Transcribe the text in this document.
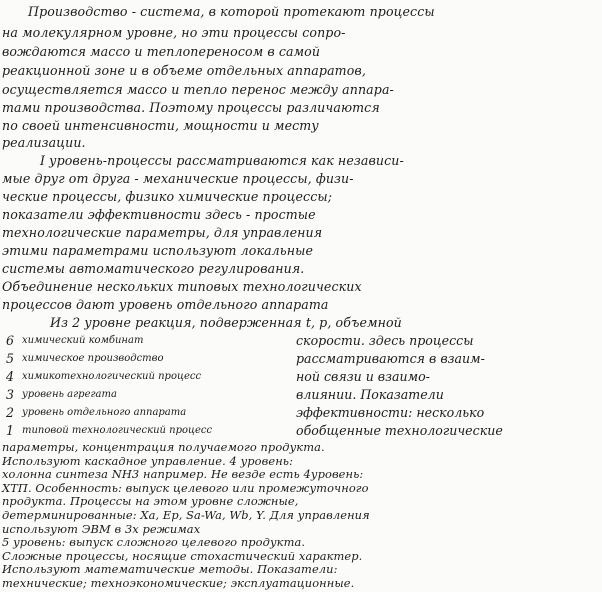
Производство - система, в которой протекают процессы
на молекулярном уровне, но эти процессы сопро-
вождаются массо и теплопереносом в самой
реакционной зоне и в объеме отдельных аппаратов,
осуществляется массо и тепло перенос между аппара-
тами производства. Поэтому процессы различаются
по своей интенсивности, мощности и месту
реализации.
I уровень-процессы рассматриваются как независи-
мые друг от друга - механические процессы, физи-
ческие процессы, физико химические процессы;
показатели эффективности здесь - простые
технологические параметры, для управления
этими параметрами используют локальные
системы автоматического регулирования.
Объединение нескольких типовых технологических
процессов дают уровень отдельного аппарата
Из 2 уровне реакция, подверженная t, p, объемной
6 химический комбинат	скорости. здесь процессы
5 химическое производство	рассматриваются в взаим-
4 химикотехнологический процесс	ной связи и взаимо-
3 уровень агрегата	влиянии. Показатели
2 уровень отдельного аппарата	эффективности: несколько
1 типовой технологический процесс	обобщенные технологические
параметры, концентрация получаемого продукта.
Используют каскадное управление. 4 уровень:
холонна синтеза NH3 например. Не везде есть 4уровень:
ХТП. Особенность: выпуск целевого или промежуточного
продукта. Процессы на этом уровне сложные,
детерминированные: Xa, Ep, Sa-Wa, Wb, Y. Для управления
используют ЭВМ в 3х режимах
5 уровень: выпуск сложного целевого продукта.
Сложные процессы, носящие стохастический характер.
Используют математические методы. Показатели:
технические; техноэкономические; эксплуатационные.
